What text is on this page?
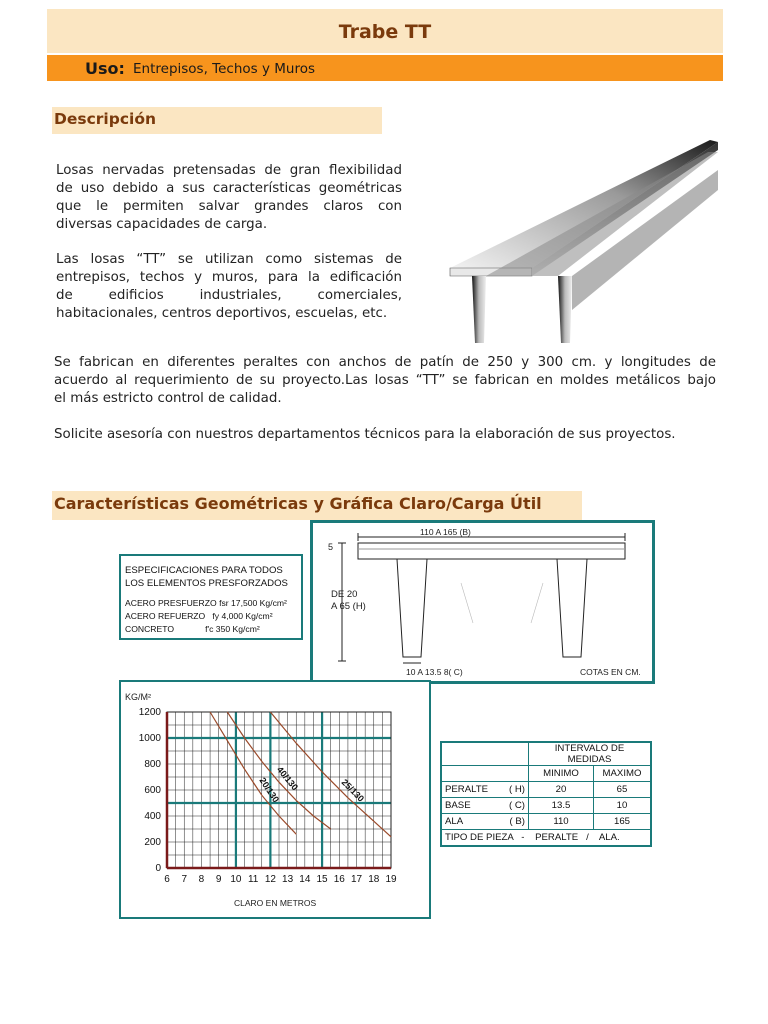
Trabe TT
Uso: Entrepisos, Techos y Muros
Descripción
Losas nervadas pretensadas de gran flexibilidad
de uso debido a sus características geométricas
que le permiten salvar grandes claros con
diversas capacidades de carga.
Las losas “TT” se utilizan como sistemas de
entrepisos, techos y muros, para la edificación
de edificios industriales, comerciales,
habitacionales, centros deportivos, escuelas, etc.
Se fabrican en diferentes peraltes con anchos de patín de 250 y 300 cm. y longitudes de
acuerdo al requerimiento de su proyecto.Las losas “TT” se fabrican en moldes metálicos bajo
el más estricto control de calidad.
Solicite asesoría con nuestros departamentos técnicos para la elaboración de sus proyectos.
Características Geométricas y Gráfica Claro/Carga Útil
ESPECIFICACIONES PARA TODOS
LOS ELEMENTOS PRESFORZADOS
ACERO PRESFUERZO fsr 17,500 Kg/cm²
ACERO REFUERZO fy 4,000 Kg/cm²
CONCRETO	f'c 350 Kg/cm²
110 A 165 (B)
5
DE 20
A 65 (H)
10 A 13.5 8( C)	COTAS EN CM.
6 7 8 9 10 11 12 13 14 15 16 17 18 19
0
200
400
600
800
1000
1200
20/130
40/130	25/130
KG/M²
CLARO EN METROS
	INTERVALO DE MEDIDAS	
	MINIMO	MAXIMO
PERALTE ( H)	20	65
BASE ( C)	13.5	10
ALA ( B)	110	165
TIPO DE PIEZA   -    PERALTE   /    ALA.		
